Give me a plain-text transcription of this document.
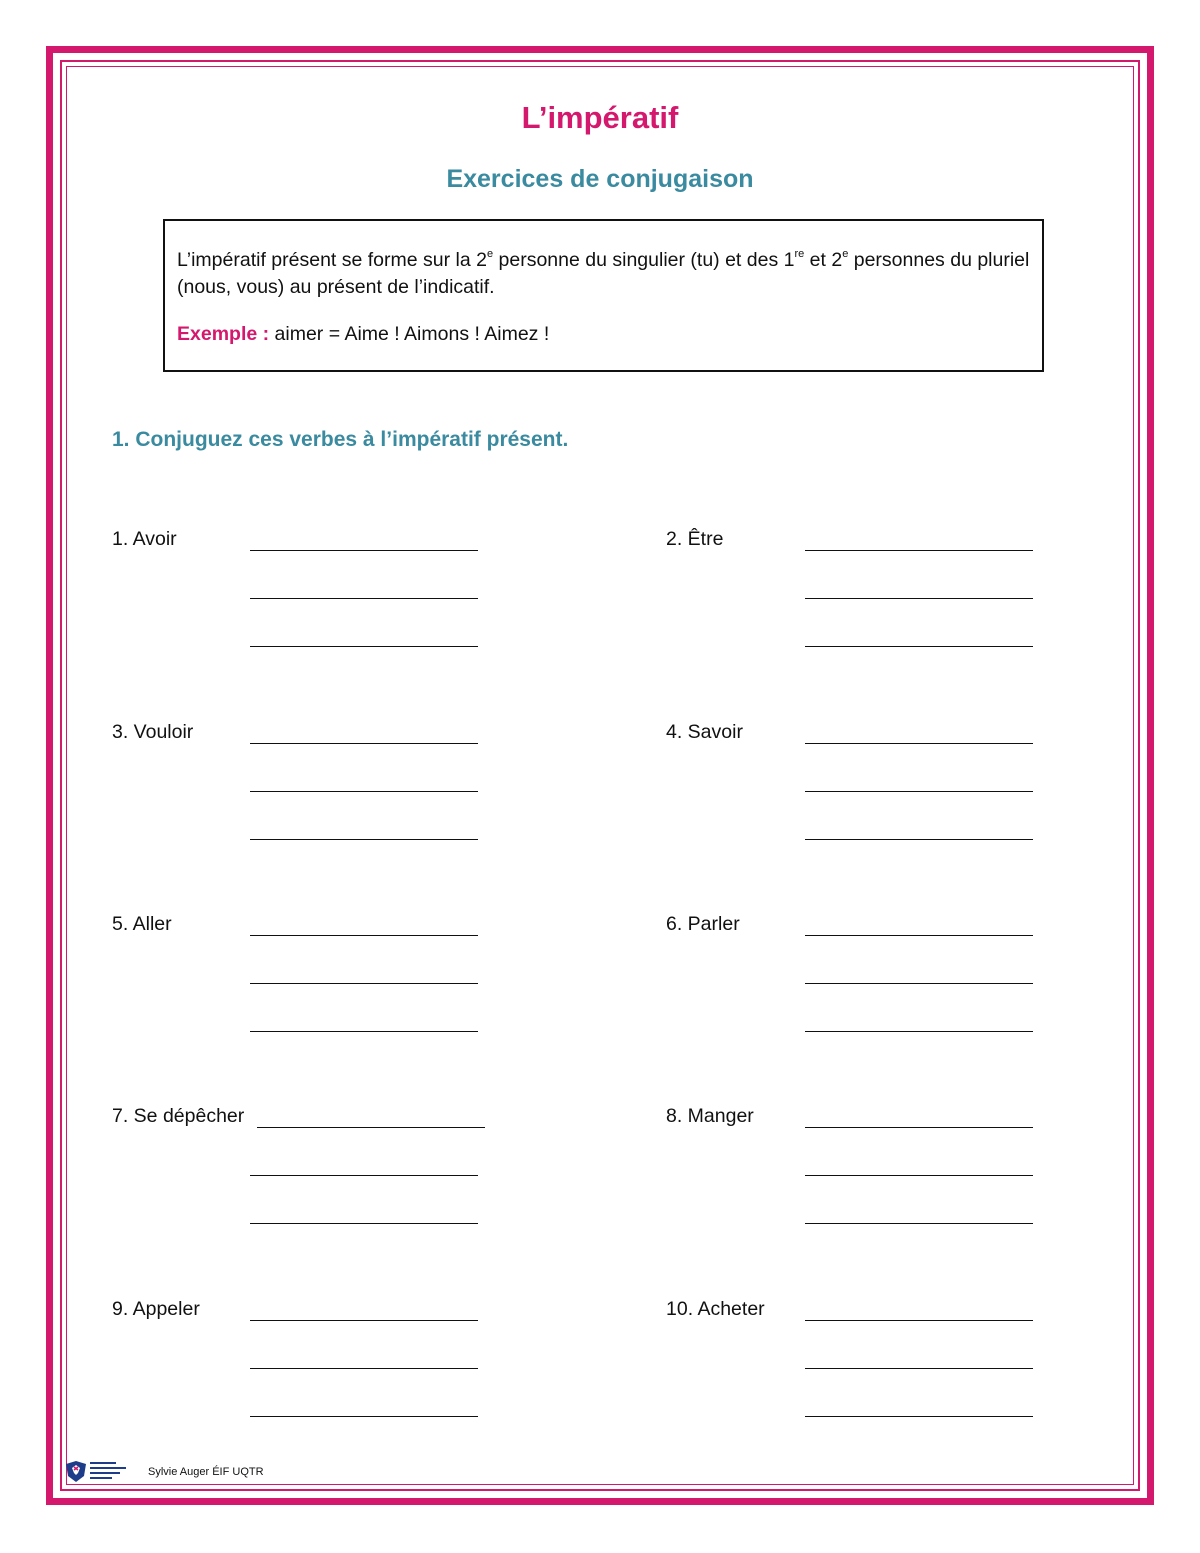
L’impératif
Exercices de conjugaison

L’impératif présent se forme sur la 2e personne du singulier (tu) et des 1re et 2e personnes du pluriel (nous, vous) au présent de l’indicatif.

Exemple : aimer = Aime ! Aimons ! Aimez !

1. Conjuguez ces verbes à l’impératif présent.
1. Avoir	2. Être
3. Vouloir	4. Savoir
5. Aller	6. Parler
7. Se dépêcher	8. Manger
9. Appeler	10. Acheter
Sylvie Auger ÉIF UQTR
